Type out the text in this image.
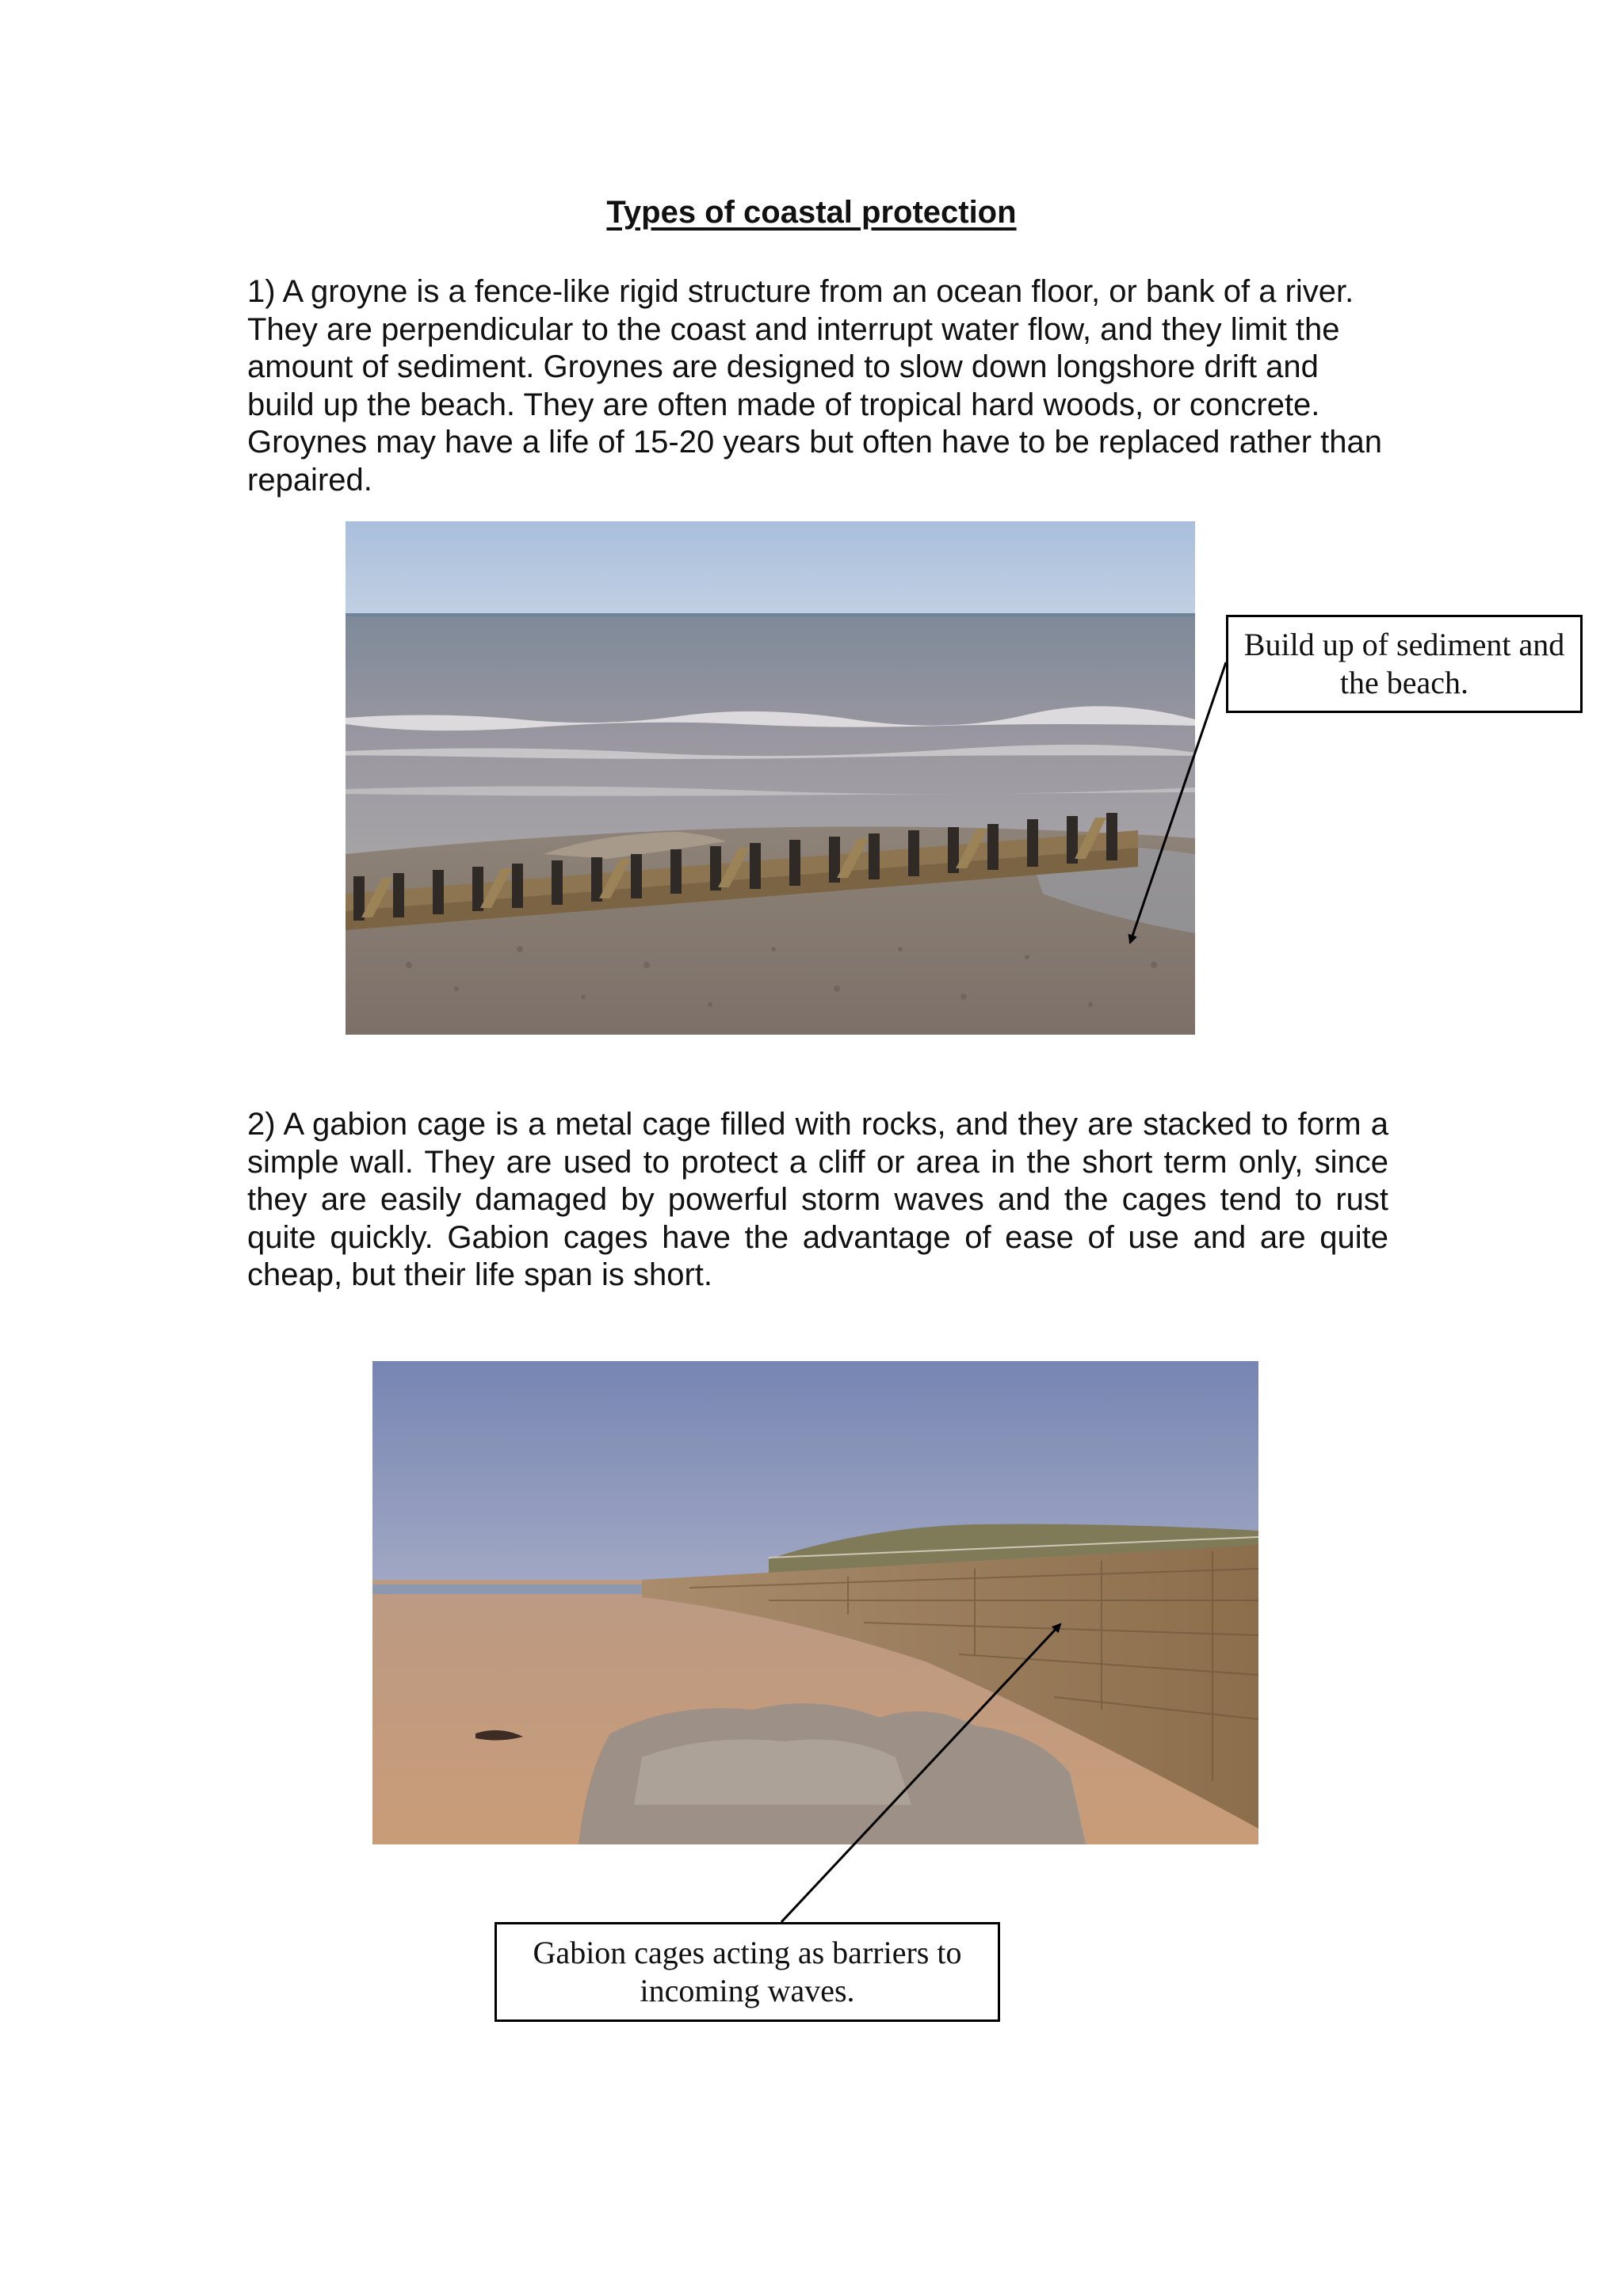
Types of coastal protection

1) A groyne is a fence-like rigid structure from an ocean floor, or bank of a river. They are perpendicular to the coast and interrupt water flow, and they limit the amount of sediment. Groynes are designed to slow down longshore drift and build up the beach. They are often made of tropical hard woods, or concrete. Groynes may have a life of 15-20 years but often have to be replaced rather than repaired.

Build up of sediment and the beach.

2) A gabion cage is a metal cage filled with rocks, and they are stacked to form a simple wall. They are used to protect a cliff or area in the short term only, since they are easily damaged by powerful storm waves and the cages tend to rust quite quickly. Gabion cages have the advantage of ease of use and are quite cheap, but their life span is short.

Gabion cages acting as barriers to incoming waves.
